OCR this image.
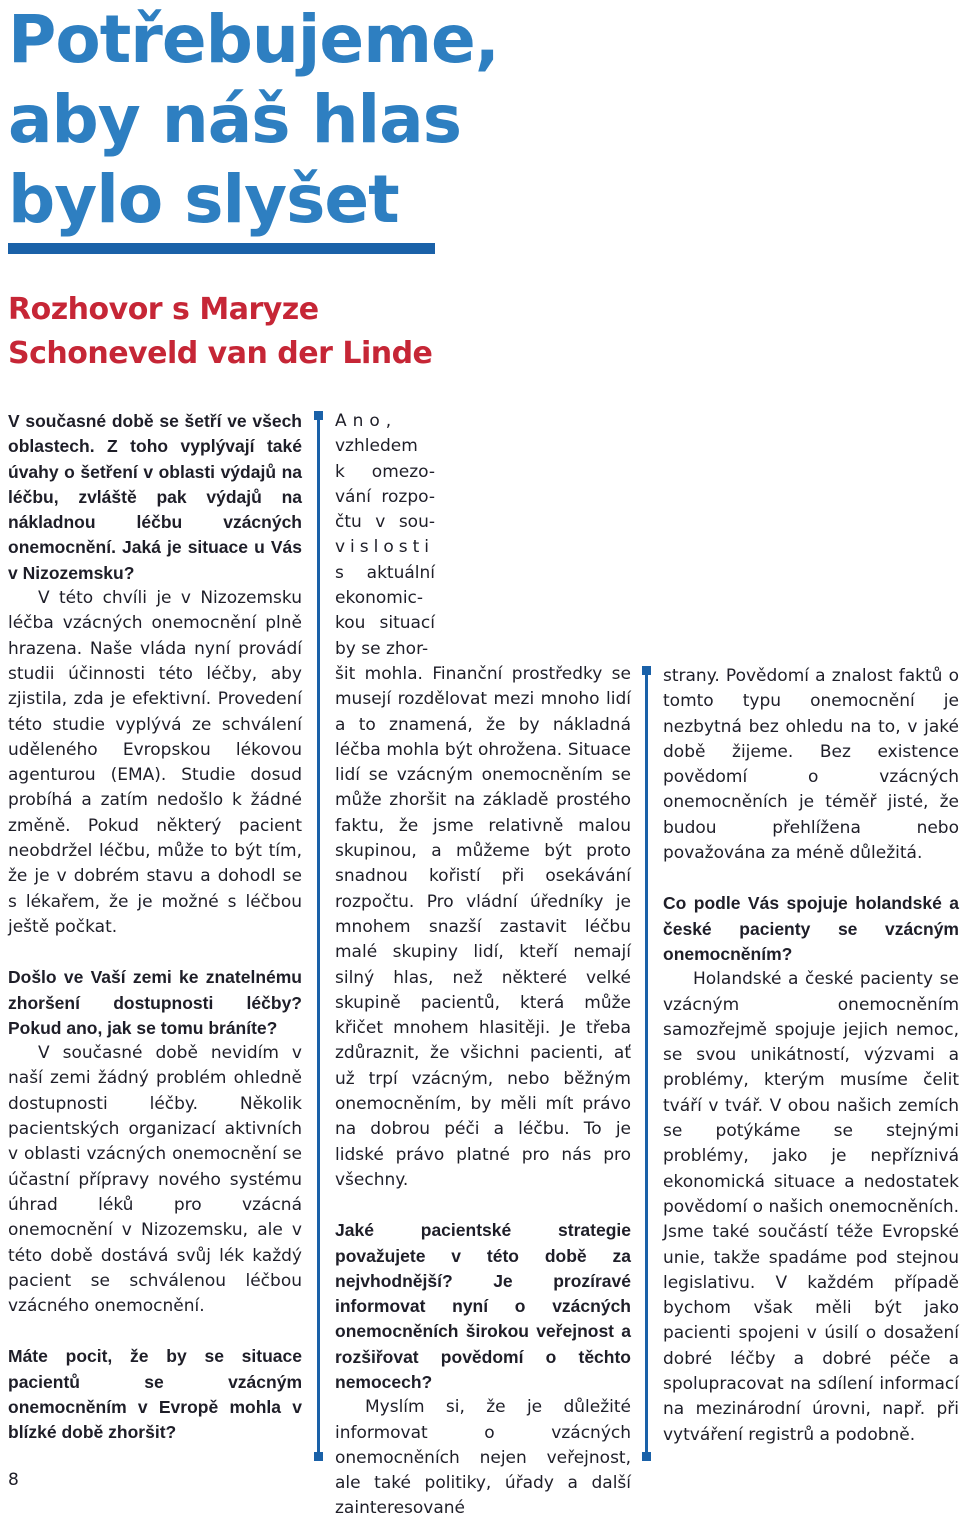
Potřebujeme,
aby náš hlas
bylo slyšet
Rozhovor s Maryze
Schoneveld van der Linde

V současné době se šetří ve všech oblastech. Z toho vyplývají také úvahy o šetření v oblasti výdajů na léčbu, zvláště pak výdajů na nákladnou léčbu vzácných onemocnění. Jaká je situace u Vás v Nizozemsku?

V této chvíli je v Nizozemsku léčba vzácných onemocnění plně hrazena. Naše vláda nyní provádí studii účinnosti této léčby, aby zjistila, zda je efektivní. Provedení této studie vyplývá ze schválení uděleného Evropskou lékovou agenturou (EMA). Studie dosud probíhá a zatím nedošlo k žádné změně. Pokud některý pacient neobdržel léčbu, může to být tím, že je v dobrém stavu a dohodl se s lékařem, že je možné s léčbou ještě počkat.

Došlo ve Vaší zemi ke znatelnému zhoršení dostupnosti léčby? Pokud ano, jak se tomu bráníte?

V současné době nevidím v naší zemi žádný problém ohledně dostupnosti léčby. Několik pacientských organizací aktivních v oblasti vzácných onemocnění se účastní přípravy nového systému úhrad léků pro vzácná onemocnění v Nizozemsku, ale v této době dostává svůj lék každý pacient se schválenou léčbou vzácného onemocnění.

Máte pocit, že by se situace pacientů se vzácným onemocněním v Evropě mohla v blízké době zhoršit?

Ano,
vzhledem
k omezo-
vání rozpo-
čtu v sou-
vislosti
s aktuální
ekonomic-
kou situací
by se zhor-

šit mohla. Finanční prostředky se musejí rozdělovat mezi mnoho lidí a to znamená, že by nákladná léčba mohla být ohrožena. Situace lidí se vzácným onemocněním se může zhoršit na základě prostého faktu, že jsme relativně malou skupinou, a můžeme být proto snadnou kořistí při osekávání rozpočtu. Pro vládní úředníky je mnohem snazší zastavit léčbu malé skupiny lidí, kteří nemají silný hlas, než některé velké skupině pacientů, která může křičet mnohem hlasitěji. Je třeba zdůraznit, že všichni pacienti, ať už trpí vzácným, nebo běžným onemocněním, by měli mít právo na dobrou péči a léčbu. To je lidské právo platné pro nás pro všechny.

Jaké pacientské strategie považujete v této době za nejvhodnější? Je prozíravé informovat nyní o vzácných onemocněních širokou veřejnost a rozšiřovat povědomí o těchto nemocech?

Myslím si, že je důležité informovat o vzácných onemocněních nejen veřejnost, ale také politiky, úřady a další zainteresované

strany. Povědomí a znalost faktů o tomto typu onemocnění je nezbytná bez ohledu na to, v jaké době žijeme. Bez existence povědomí o vzácných onemocněních je téměř jisté, že budou přehlíženа nebo považována za méně důležitá.

Co podle Vás spojuje holandské a české pacienty se vzácným onemocněním?

Holandské a české pacienty se vzácným onemocněním samozřejmě spojuje jejich nemoc, se svou unikátností, výzvami a problémy, kterým musíme čelit tváří v tvář. V obou našich zemích se potýkáme se stejnými problémy, jako je nepříznivá ekonomická situace a nedostatek povědomí o našich onemocněních. Jsme také součástí téže Evropské unie, takže spadáme pod stejnou legislativu. V každém případě bychom však měli být jako pacienti spojeni v úsilí o dosažení dobré léčby a dobré péče a spolupracovat na sdílení informací na mezinárodní úrovni, např. při vytváření registrů a podobně.

8
